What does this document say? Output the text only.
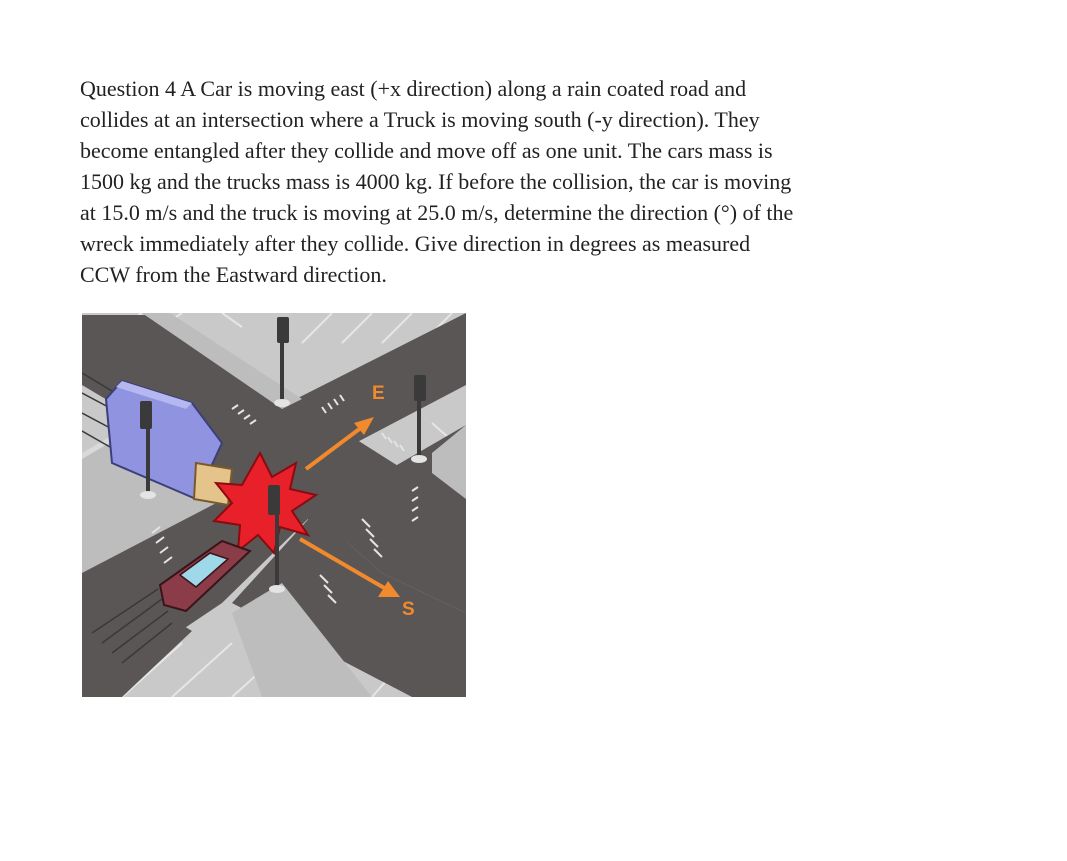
Question 4 A Car is moving east (+x direction) along a rain coated road and
collides at an intersection where a Truck is moving south (-y direction). They
become entangled after they collide and move off as one unit. The cars mass is
1500 kg and the trucks mass is 4000 kg. If before the collision, the car is moving
at 15.0 m/s and the truck is moving at 25.0 m/s, determine the direction (°) of the
wreck immediately after they collide. Give direction in degrees as measured
CCW from the Eastward direction.

E
S
